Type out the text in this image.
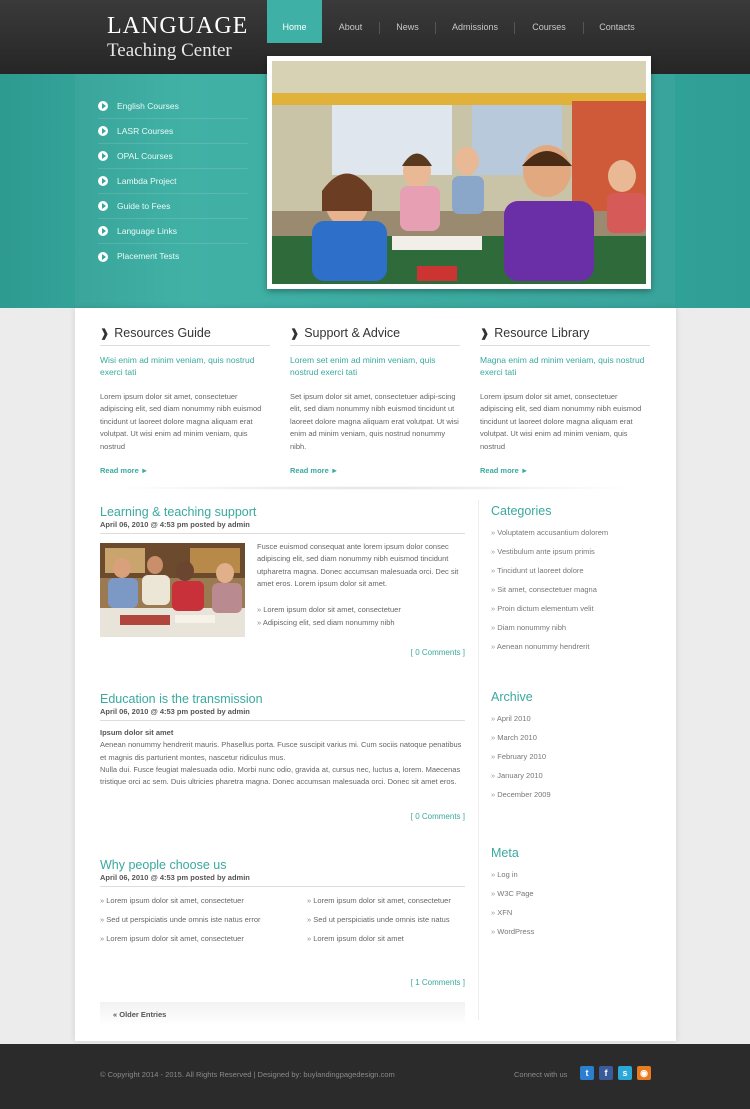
LANGUAGE
Teaching Center
Home	About	News	Admissions	Courses	Contacts
English Courses
LASR Courses
OPAL Courses
Lambda Project
Guide to Fees
Language Links
Placement Tests
❱ Resources Guide
Wisi enim ad minim veniam, quis nostrud exerci tati
Lorem ipsum dolor sit amet, consectetuer adipiscing elit, sed diam nonummy nibh euismod tincidunt ut laoreet dolore magna aliquam erat volutpat. Ut wisi enim ad minim veniam, quis nostrud
Read more ►
❱ Support & Advice
Lorem set enim ad minim veniam, quis nostrud exerci tati
Set ipsum dolor sit amet, consectetuer adipi-scing elit, sed diam nonummy nibh euismod tincidunt ut laoreet dolore magna aliquam erat volutpat. Ut wisi enim ad minim veniam, quis nostrud nonummy nibh.
Read more ►
❱ Resource Library
Magna enim ad minim veniam, quis nostrud exerci tati
Lorem ipsum dolor sit amet, consectetuer adipiscing elit, sed diam nonummy nibh euismod tincidunt ut laoreet dolore magna aliquam erat volutpat. Ut wisi enim ad minim veniam, quis nostrud
Read more ►
Learning & teaching support
April 06, 2010 @ 4:53 pm posted by admin

Fusce euismod consequat ante lorem ipsum dolor consec adipiscing elit, sed diam nonummy nibh euismod tincidunt utpharetra magna. Donec accumsan malesuada orci. Dec sit amet eros. Lorem ipsum dolor sit amet.

» Lorem ipsum dolor sit amet, consectetuer
» Adipiscing elit, sed diam nonummy nibh
[ 0 Comments ]
Education is the transmission
April 06, 2010 @ 4:53 pm posted by admin

Ipsum dolor sit amet

Aenean nonummy hendrerit mauris. Phasellus porta. Fusce suscipit varius mi. Cum sociis natoque penatibus et magnis dis parturient montes, nascetur ridiculus mus.

Nulla dui. Fusce feugiat malesuada odio. Morbi nunc odio, gravida at, cursus nec, luctus a, lorem. Maecenas tristique orci ac sem. Duis ultricies pharetra magna. Donec accumsan malesuada orci. Donec sit amet eros.

[ 0 Comments ]
Why people choose us
April 06, 2010 @ 4:53 pm posted by admin
» Lorem ipsum dolor sit amet, consectetuer
» Sed ut perspiciatis unde omnis iste natus error
» Lorem ipsum dolor sit amet, consectetuer
» Lorem ipsum dolor sit amet, consectetuer
» Sed ut perspiciatis unde omnis iste natus
» Lorem ipsum dolor sit amet
[ 1 Comments ]
« Older Entries
Categories
» Voluptatem accusantium dolorem
» Vestibulum ante ipsum primis
» Tincidunt ut laoreet dolore
» Sit amet, consectetuer magna
» Proin dictum elementum velit
» Diam nonummy nibh
» Aenean nonummy hendrerit
Archive
» April 2010
» March 2010
» February 2010
» January 2010
» December 2009
Meta
» Log in
» W3C Page
» XFN
» WordPress
© Copyright 2014 - 2015. All Rights Reserved | Designed by: buylandingpagedesign.com	Connect with us	t	f	s	◉
